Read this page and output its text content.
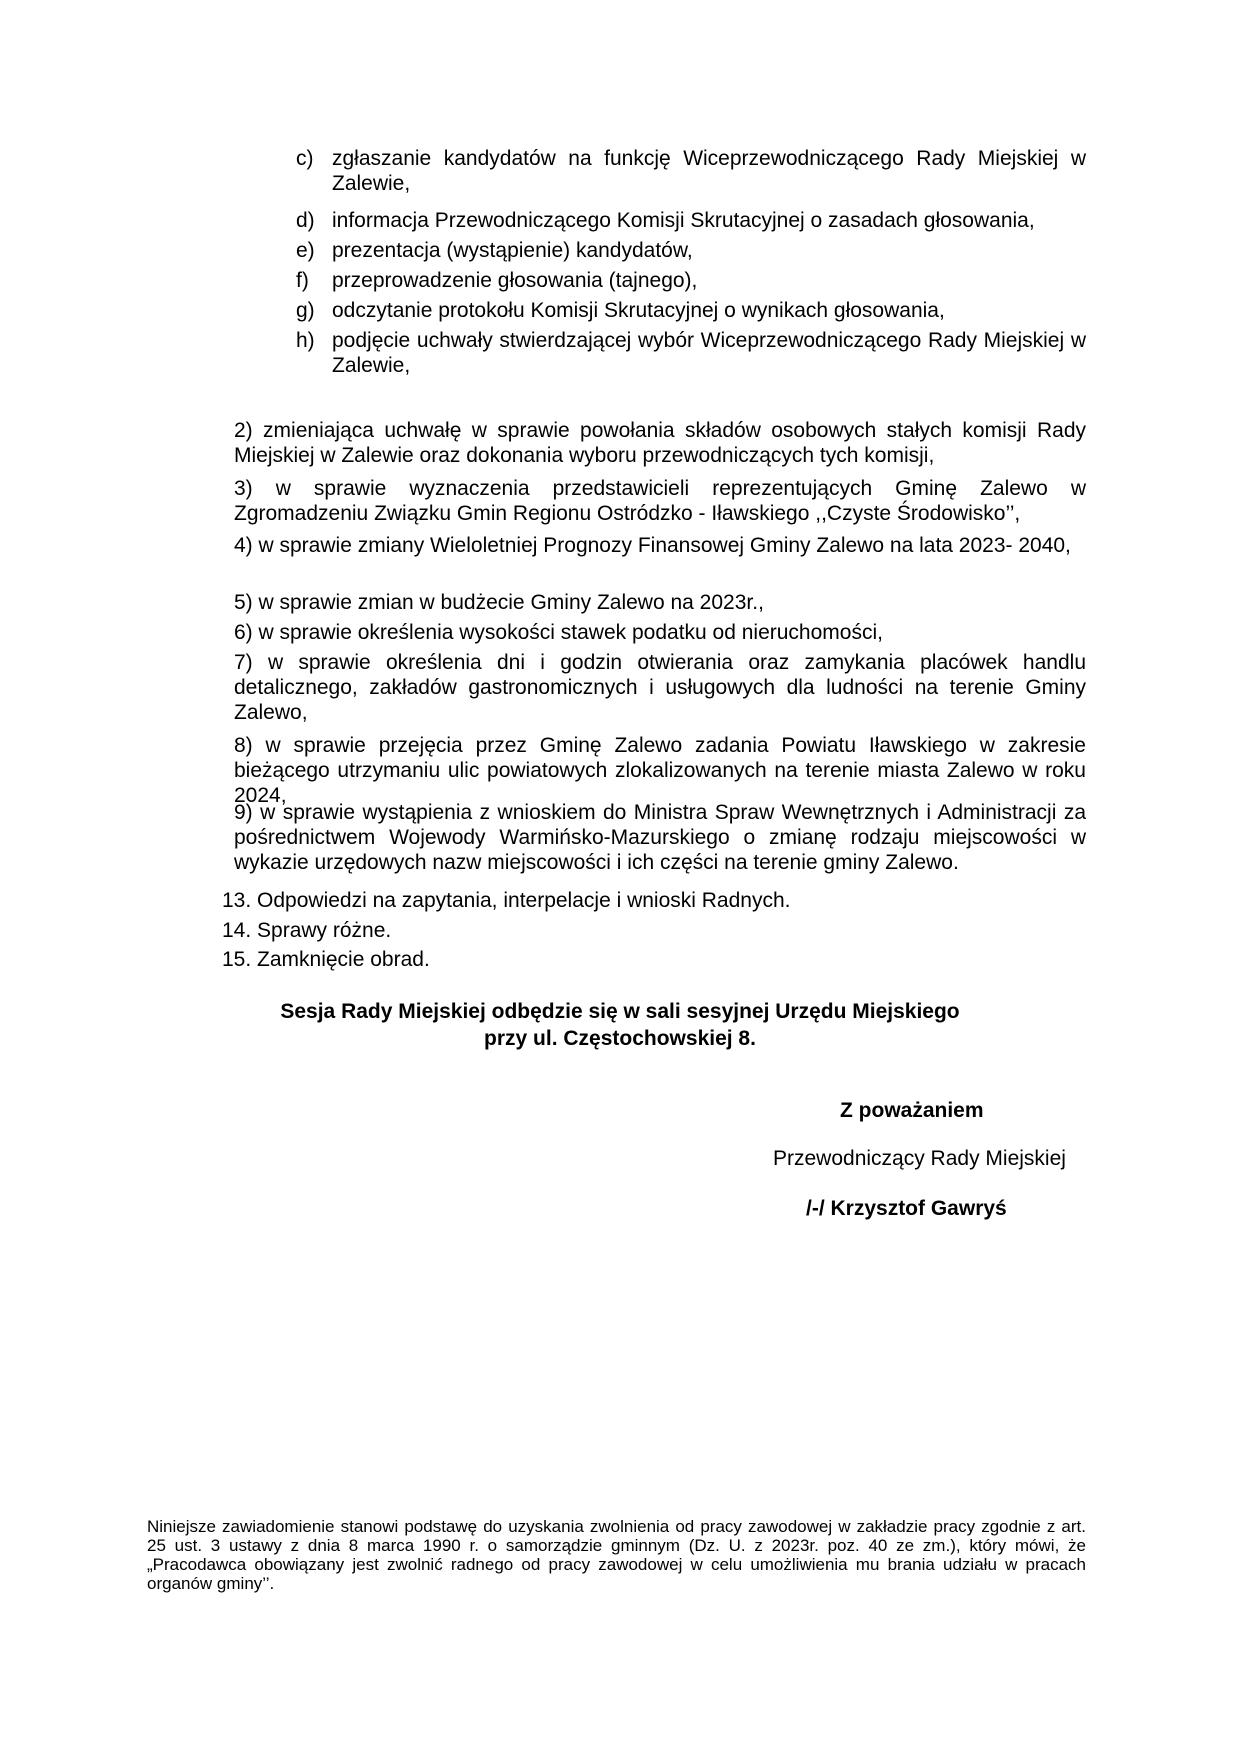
c) zgłaszanie kandydatów na funkcję Wiceprzewodniczącego Rady Miejskiej w Zalewie,
d) informacja Przewodniczącego Komisji Skrutacyjnej o zasadach głosowania,
e) prezentacja (wystąpienie) kandydatów,
f)	przeprowadzenie głosowania (tajnego),
g) odczytanie protokołu Komisji Skrutacyjnej o wynikach głosowania,
h) podjęcie uchwały stwierdzającej wybór Wiceprzewodniczącego Rady Miejskiej w Zalewie,
2) zmieniająca uchwałę w sprawie powołania składów osobowych stałych komisji Rady Miejskiej w Zalewie oraz dokonania wyboru przewodniczących tych komisji,
3) w sprawie wyznaczenia przedstawicieli reprezentujących Gminę Zalewo w Zgromadzeniu Związku Gmin Regionu Ostródzko - Iławskiego ,,Czyste Środowisko’’,
4) w sprawie zmiany Wieloletniej Prognozy Finansowej Gminy Zalewo na lata 2023- 2040,
5) w sprawie zmian w budżecie Gminy Zalewo na 2023r.,
6) w sprawie określenia wysokości stawek podatku od nieruchomości,
7) w sprawie określenia dni i godzin otwierania oraz zamykania placówek handlu detalicznego, zakładów gastronomicznych i usługowych dla ludności na terenie Gminy Zalewo,
8) w sprawie przejęcia przez Gminę Zalewo zadania Powiatu Iławskiego w zakresie bieżącego utrzymaniu ulic powiatowych zlokalizowanych na terenie miasta Zalewo w roku 2024,
9) w sprawie wystąpienia z wnioskiem do Ministra Spraw Wewnętrznych i Administracji za pośrednictwem Wojewody Warmińsko-Mazurskiego o zmianę rodzaju miejscowości w wykazie urzędowych nazw miejscowości i ich części na terenie gminy Zalewo.
13. Odpowiedzi na zapytania, interpelacje i wnioski Radnych.
14. Sprawy różne.
15. Zamknięcie obrad.
Sesja Rady Miejskiej odbędzie się w sali sesyjnej Urzędu Miejskiego
przy ul. Częstochowskiej 8.
Z poważaniem
Przewodniczący Rady Miejskiej
/-/ Krzysztof Gawryś
Niniejsze zawiadomienie stanowi podstawę do uzyskania zwolnienia od pracy zawodowej w zakładzie pracy zgodnie z art. 25 ust. 3 ustawy z dnia 8 marca 1990 r. o samorządzie gminnym (Dz. U. z 2023r. poz. 40 ze zm.), który mówi, że „Pracodawca obowiązany jest zwolnić radnego od pracy zawodowej w celu umożliwienia mu brania udziału w pracach organów gminy’’.
